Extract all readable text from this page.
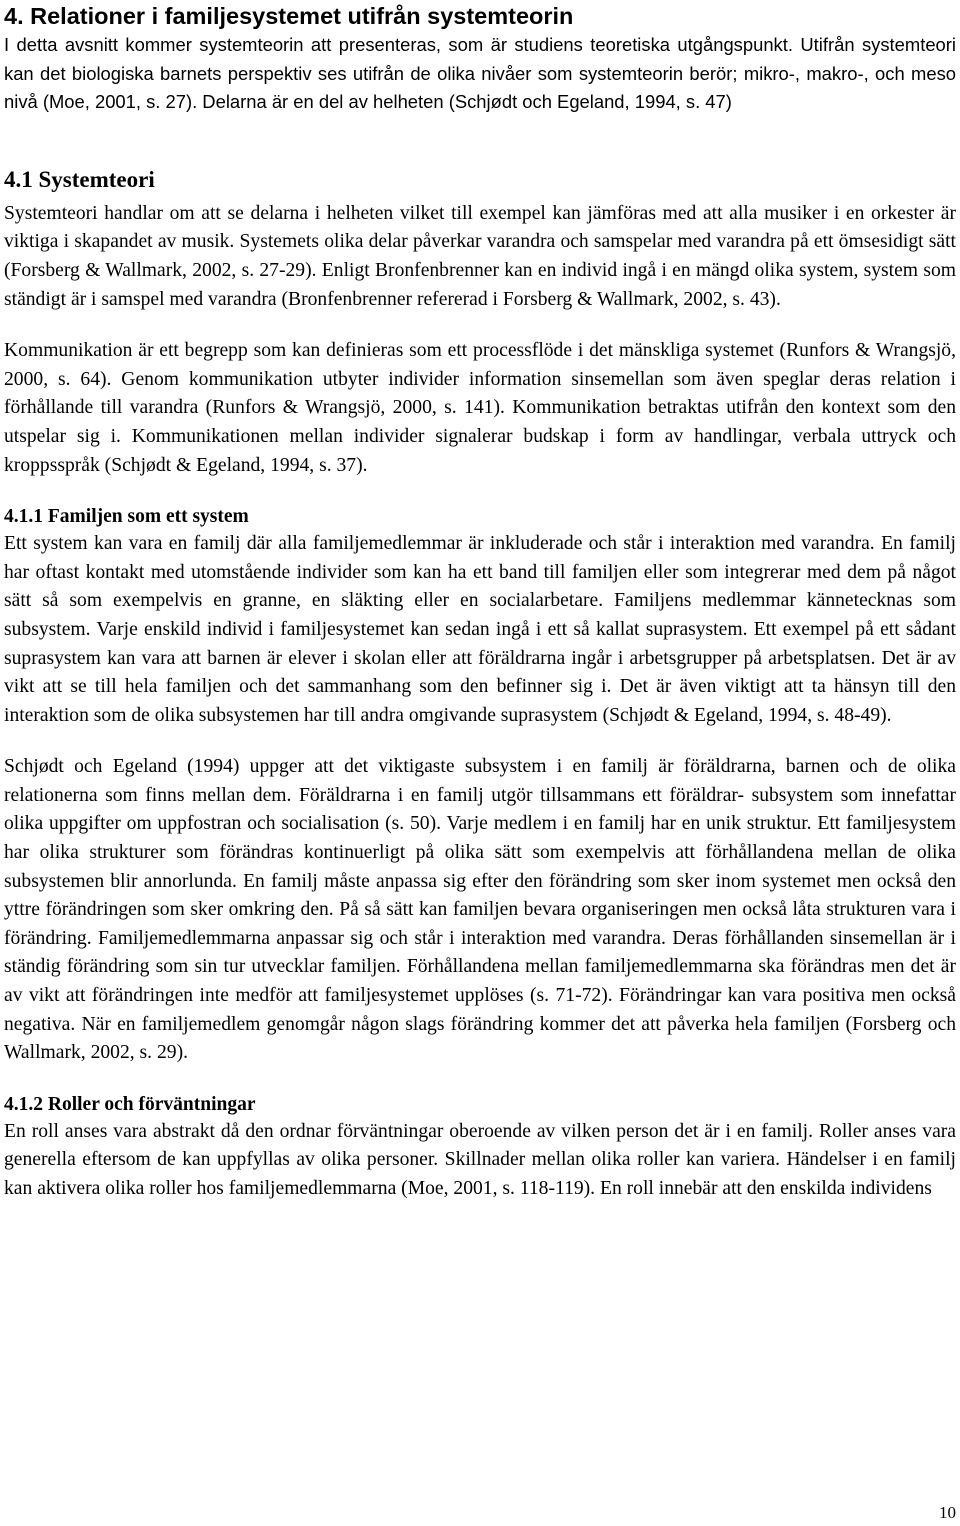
4. Relationer i familjesystemet utifrån systemteorin

I detta avsnitt kommer systemteorin att presenteras, som är studiens teoretiska utgångspunkt. Utifrån systemteori kan det biologiska barnets perspektiv ses utifrån de olika nivåer som systemteorin berör; mikro-, makro-, och meso nivå (Moe, 2001, s. 27). Delarna är en del av helheten (Schjødt och Egeland, 1994, s. 47)

4.1 Systemteori

Systemteori handlar om att se delarna i helheten vilket till exempel kan jämföras med att alla musiker i en orkester är viktiga i skapandet av musik. Systemets olika delar påverkar varandra och samspelar med varandra på ett ömsesidigt sätt (Forsberg & Wallmark, 2002, s. 27-29). Enligt Bronfenbrenner kan en individ ingå i en mängd olika system, system som ständigt är i samspel med varandra (Bronfenbrenner refererad i Forsberg & Wallmark, 2002, s. 43).

Kommunikation är ett begrepp som kan definieras som ett processflöde i det mänskliga systemet (Runfors & Wrangsjö, 2000, s. 64). Genom kommunikation utbyter individer information sinsemellan som även speglar deras relation i förhållande till varandra (Runfors & Wrangsjö, 2000, s. 141). Kommunikation betraktas utifrån den kontext som den utspelar sig i. Kommunikationen mellan individer signalerar budskap i form av handlingar, verbala uttryck och kroppsspråk (Schjødt & Egeland, 1994, s. 37).

4.1.1 Familjen som ett system

Ett system kan vara en familj där alla familjemedlemmar är inkluderade och står i interaktion med varandra. En familj har oftast kontakt med utomstående individer som kan ha ett band till familjen eller som integrerar med dem på något sätt så som exempelvis en granne, en släkting eller en socialarbetare. Familjens medlemmar kännetecknas som subsystem. Varje enskild individ i familjesystemet kan sedan ingå i ett så kallat suprasystem. Ett exempel på ett sådant suprasystem kan vara att barnen är elever i skolan eller att föräldrarna ingår i arbetsgrupper på arbetsplatsen. Det är av vikt att se till hela familjen och det sammanhang som den befinner sig i. Det är även viktigt att ta hänsyn till den interaktion som de olika subsystemen har till andra omgivande suprasystem (Schjødt & Egeland, 1994, s. 48-49).

Schjødt och Egeland (1994) uppger att det viktigaste subsystem i en familj är föräldrarna, barnen och de olika relationerna som finns mellan dem. Föräldrarna i en familj utgör tillsammans ett föräldrar- subsystem som innefattar olika uppgifter om uppfostran och socialisation (s. 50). Varje medlem i en familj har en unik struktur. Ett familjesystem har olika strukturer som förändras kontinuerligt på olika sätt som exempelvis att förhållandena mellan de olika subsystemen blir annorlunda. En familj måste anpassa sig efter den förändring som sker inom systemet men också den yttre förändringen som sker omkring den. På så sätt kan familjen bevara organiseringen men också låta strukturen vara i förändring. Familjemedlemmarna anpassar sig och står i interaktion med varandra. Deras förhållanden sinsemellan är i ständig förändring som sin tur utvecklar familjen. Förhållandena mellan familjemedlemmarna ska förändras men det är av vikt att förändringen inte medför att familjesystemet upplöses (s. 71-72). Förändringar kan vara positiva men också negativa. När en familjemedlem genomgår någon slags förändring kommer det att påverka hela familjen (Forsberg och Wallmark, 2002, s. 29).

4.1.2 Roller och förväntningar

En roll anses vara abstrakt då den ordnar förväntningar oberoende av vilken person det är i en familj. Roller anses vara generella eftersom de kan uppfyllas av olika personer. Skillnader mellan olika roller kan variera. Händelser i en familj kan aktivera olika roller hos familjemedlemmarna (Moe, 2001, s. 118-119). En roll innebär att den enskilda individens

10
